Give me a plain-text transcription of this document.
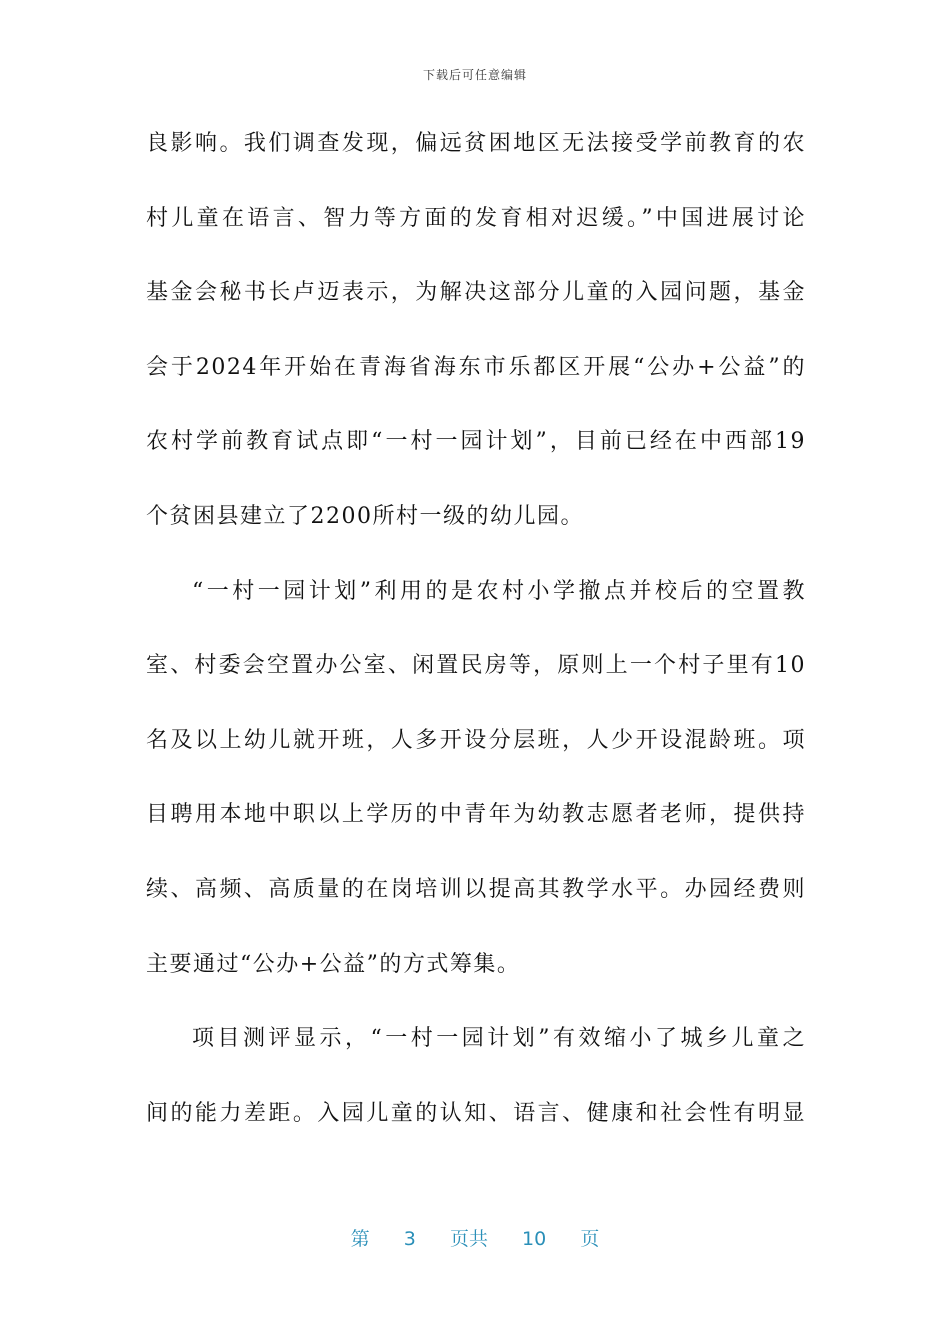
下载后可任意编辑
良影响。我们调查发现，偏远贫困地区无法接受学前教育的农
村儿童在语言、智力等方面的发育相对迟缓。”中国进展讨论
基金会秘书长卢迈表示，为解决这部分儿童的入园问题，基金
会于2024年开始在青海省海东市乐都区开展“公办+公益”的
农村学前教育试点即“一村一园计划”，目前已经在中西部19
个贫困县建立了2200所村一级的幼儿园。
“一村一园计划”利用的是农村小学撤点并校后的空置教
室、村委会空置办公室、闲置民房等，原则上一个村子里有10
名及以上幼儿就开班，人多开设分层班，人少开设混龄班。项
目聘用本地中职以上学历的中青年为幼教志愿者老师，提供持
续、高频、高质量的在岗培训以提高其教学水平。办园经费则
主要通过“公办+公益”的方式筹集。
项目测评显示，“一村一园计划”有效缩小了城乡儿童之
间的能力差距。入园儿童的认知、语言、健康和社会性有明显
第 3 页共 10 页
